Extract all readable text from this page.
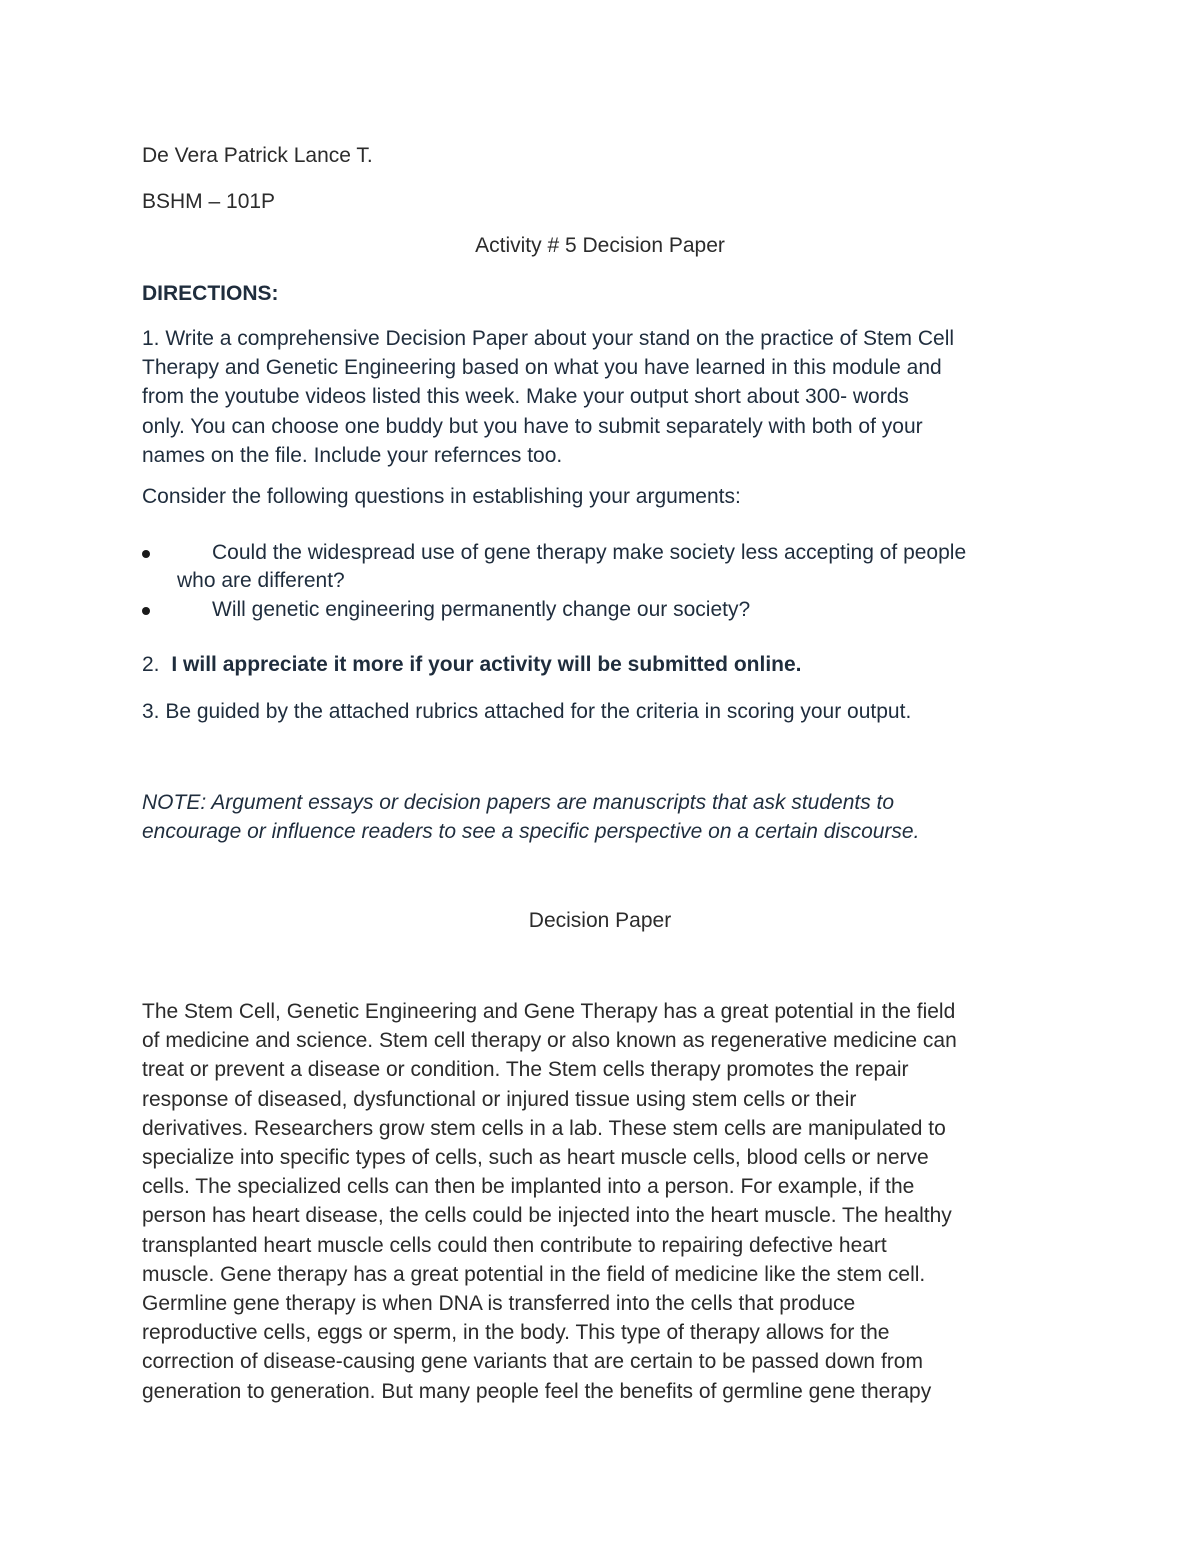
De Vera Patrick Lance T.

BSHM – 101P

Activity # 5 Decision Paper

DIRECTIONS:

1. Write a comprehensive Decision Paper about your stand on the practice of Stem Cell
Therapy and Genetic Engineering based on what you have learned in this module and
from the youtube videos listed this week. Make your output short about 300- words
only. You can choose one buddy but you have to submit separately with both of your
names on the file. Include your refernces too.

Consider the following questions in establishing your arguments:

Could the widespread use of gene therapy make society less accepting of people
who are different?
Will genetic engineering permanently change our society?

2. I will appreciate it more if your activity will be submitted online.

3. Be guided by the attached rubrics attached for the criteria in scoring your output.

NOTE: Argument essays or decision papers are manuscripts that ask students to
encourage or influence readers to see a specific perspective on a certain discourse.

Decision Paper

The Stem Cell, Genetic Engineering and Gene Therapy has a great potential in the field
of medicine and science. Stem cell therapy or also known as regenerative medicine can
treat or prevent a disease or condition. The Stem cells therapy promotes the repair
response of diseased, dysfunctional or injured tissue using stem cells or their
derivatives. Researchers grow stem cells in a lab. These stem cells are manipulated to
specialize into specific types of cells, such as heart muscle cells, blood cells or nerve
cells. The specialized cells can then be implanted into a person. For example, if the
person has heart disease, the cells could be injected into the heart muscle. The healthy
transplanted heart muscle cells could then contribute to repairing defective heart
muscle. Gene therapy has a great potential in the field of medicine like the stem cell.
Germline gene therapy is when DNA is transferred into the cells that produce
reproductive cells, eggs or sperm, in the body. This type of therapy allows for the
correction of disease-causing gene variants that are certain to be passed down from
generation to generation. But many people feel the benefits of germline gene therapy
